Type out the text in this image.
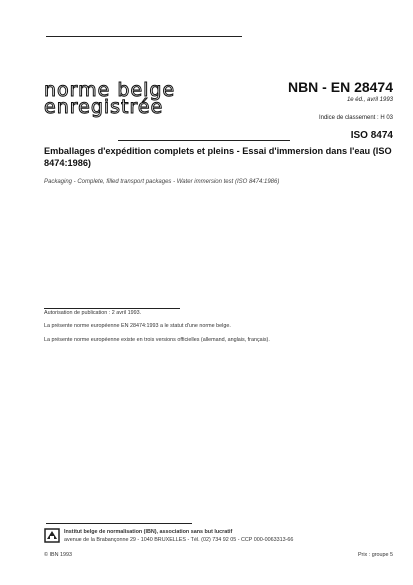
norme belge
enregistrée
NBN - EN 28474
1e éd., avril 1993
Indice de classement : H 03
ISO 8474
Emballages d'expédition complets et pleins - Essai d'immersion dans l'eau (ISO 8474:1986)
Packaging - Complete, filled transport packages - Water immersion test (ISO 8474:1986)
Autorisation de publication : 2 avril 1993.
La présente norme européenne EN 28474:1993 a le statut d'une norme belge.
La présente norme européenne existe en trois versions officielles (allemand, anglais, français).
Institut belge de normalisation (IBN), association sans but lucratif
avenue de la Brabançonne 29 - 1040 BRUXELLES - Tél. (02) 734 92 05 - CCP 000-0063313-66
© IBN 1993	Prix : groupe 5
